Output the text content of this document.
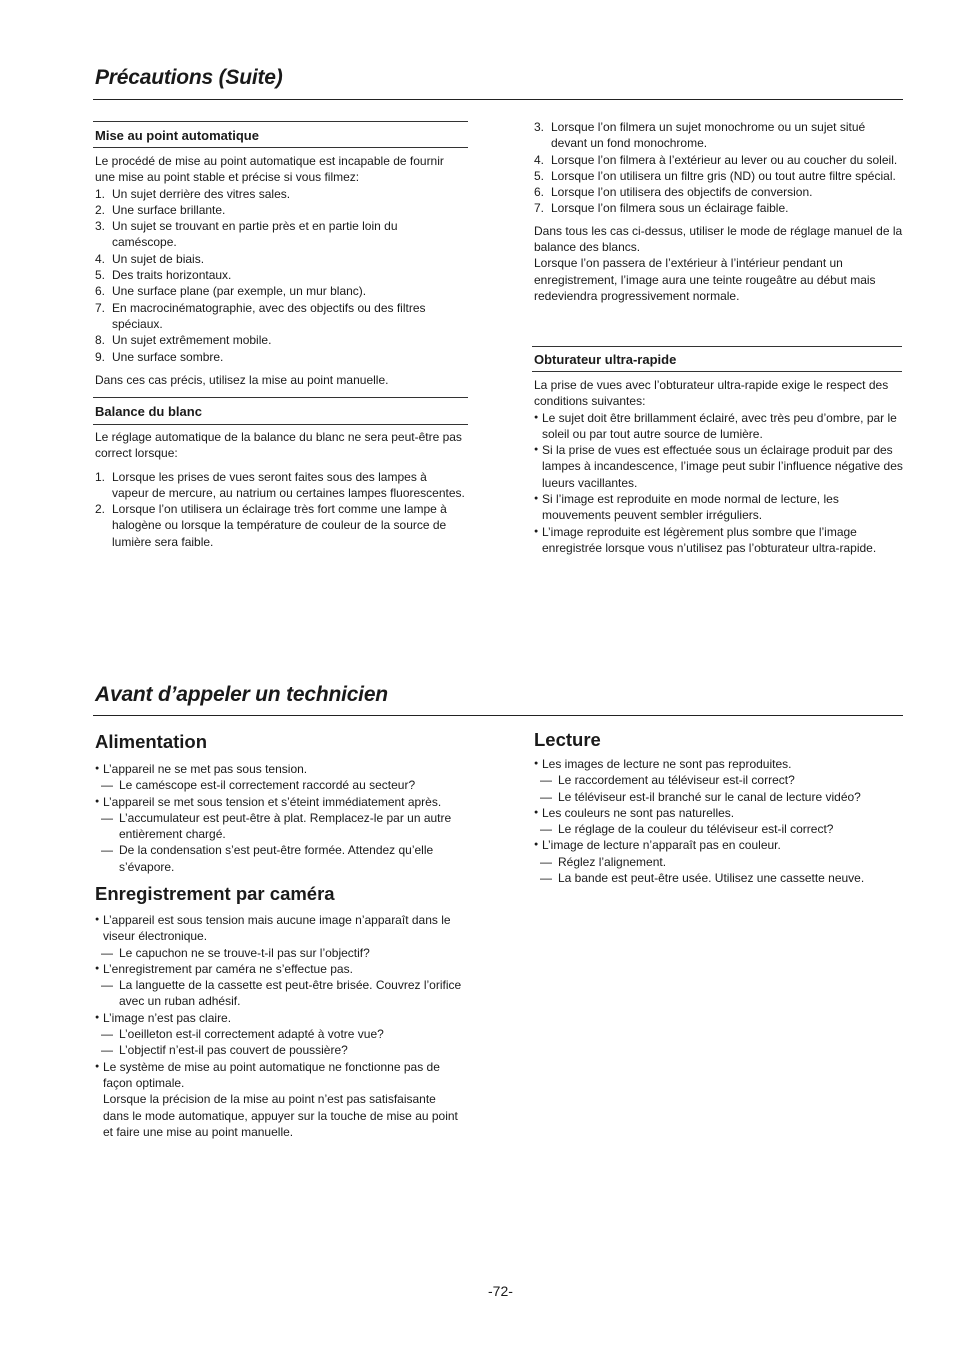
Précautions (Suite)
Mise au point automatique

Le procédé de mise au point automatique est incapable de fournir une mise au point stable et précise si vous filmez:

1. Un sujet derrière des vitres sales.
2. Une surface brillante.
3. Un sujet se trouvant en partie près et en partie loin du caméscope.
4. Un sujet de biais.
5. Des traits horizontaux.
6. Une surface plane (par exemple, un mur blanc).
7. En macrocinématographie, avec des objectifs ou des filtres spéciaux.
8. Un sujet extrêmement mobile.
9. Une surface sombre.

Dans ces cas précis, utilisez la mise au point manuelle.

Balance du blanc

Le réglage automatique de la balance du blanc ne sera peut-être pas correct lorsque:

1. Lorsque les prises de vues seront faites sous des lampes à vapeur de mercure, au natrium ou certaines lampes fluorescentes.
2. Lorsque l’on utilisera un éclairage très fort comme une lampe à halogène ou lorsque la température de couleur de la source de lumière sera faible.
3. Lorsque l’on filmera un sujet monochrome ou un sujet situé devant un fond monochrome.
4. Lorsque l’on filmera à l’extérieur au lever ou au coucher du soleil.
5. Lorsque l’on utilisera un filtre gris (ND) ou tout autre filtre spécial.
6. Lorsque l’on utilisera des objectifs de conversion.
7. Lorsque l’on filmera sous un éclairage faible.

Dans tous les cas ci-dessus, utiliser le mode de réglage manuel de la balance des blancs.

Lorsque l’on passera de l’extérieur à l’intérieur pendant un enregistrement, l’image aura une teinte rougeâtre au début mais redeviendra progressivement normale.

Obturateur ultra-rapide

La prise de vues avec l’obturateur ultra-rapide exige le respect des conditions suivantes:

● Le sujet doit être brillamment éclairé, avec très peu d’ombre, par le soleil ou par tout autre source de lumière.
● Si la prise de vues est effectuée sous un éclairage produit par des lampes à incandescence, l’image peut subir l’influence négative des lueurs vacillantes.
● Si l’image est reproduite en mode normal de lecture, les mouvements peuvent sembler irréguliers.
● L’image reproduite est légèrement plus sombre que l’image enregistrée lorsque vous n’utilisez pas l’obturateur ultra-rapide.
Avant d’appeler un technicien
Alimentation
● L’appareil ne se met pas sous tension.
— Le caméscope est-il correctement raccordé au secteur?
● L’appareil se met sous tension et s’éteint immédiatement après.
— L’accumulateur est peut-être à plat. Remplacez-le par un autre entièrement chargé.
— De la condensation s’est peut-être formée. Attendez qu’elle s’évapore.
Enregistrement par caméra
● L’appareil est sous tension mais aucune image n’apparaît dans le viseur électronique.
— Le capuchon ne se trouve-t-il pas sur l’objectif?
● L’enregistrement par caméra ne s’effectue pas.
— La languette de la cassette est peut-être brisée. Couvrez l’orifice avec un ruban adhésif.
● L’image n’est pas claire.
— L’oeilleton est-il correctement adapté à votre vue?
— L’objectif n’est-il pas couvert de poussière?
● Le système de mise au point automatique ne fonctionne pas de façon optimale.

Lorsque la précision de la mise au point n’est pas satisfaisante dans le mode automatique, appuyer sur la touche de mise au point et faire une mise au point manuelle.

Lecture
● Les images de lecture ne sont pas reproduites.
— Le raccordement au téléviseur est-il correct?
— Le téléviseur est-il branché sur le canal de lecture vidéo?
● Les couleurs ne sont pas naturelles.
— Le réglage de la couleur du téléviseur est-il correct?
● L’image de lecture n’apparaît pas en couleur.
— Réglez l’alignement.
— La bande est peut-être usée. Utilisez une cassette neuve.
-72-
